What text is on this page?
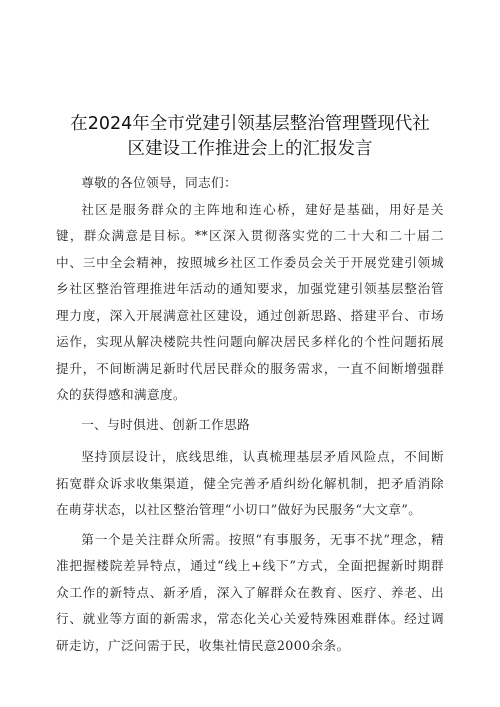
在2024年全市党建引领基层整治管理暨现代社
区建设工作推进会上的汇报发言

尊敬的各位领导，同志们：

社区是服务群众的主阵地和连心桥，建好是基础，用好是关键，群众满意是目标。**区深入贯彻落实党的二十大和二十届二中、三中全会精神，按照城乡社区工作委员会关于开展党建引领城乡社区整治管理推进年活动的通知要求，加强党建引领基层整治管理力度，深入开展满意社区建设，通过创新思路、搭建平台、市场运作，实现从解决楼院共性问题向解决居民多样化的个性问题拓展提升，不间断满足新时代居民群众的服务需求，一直不间断增强群众的获得感和满意度。

一、与时俱进、创新工作思路

坚持顶层设计，底线思维，认真梳理基层矛盾风险点，不间断拓宽群众诉求收集渠道，健全完善矛盾纠纷化解机制，把矛盾消除在萌芽状态，以社区整治管理“小切口”做好为民服务“大文章”。

第一个是关注群众所需。按照“有事服务，无事不扰”理念，精准把握楼院差异特点，通过“线上+线下”方式，全面把握新时期群众工作的新特点、新矛盾，深入了解群众在教育、医疗、养老、出行、就业等方面的新需求，常态化关心关爱特殊困难群体。经过调研走访，广泛问需于民，收集社情民意2000余条。
